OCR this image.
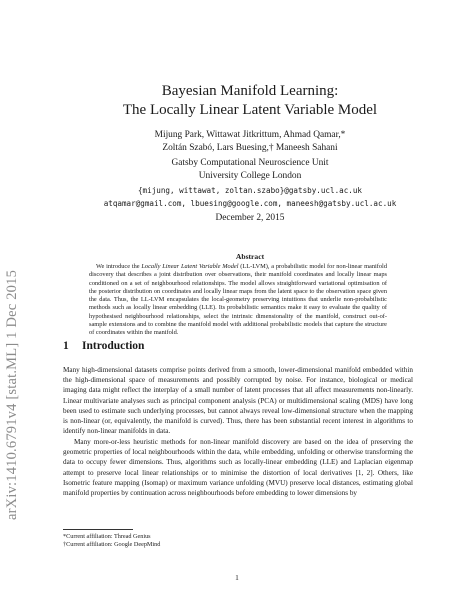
arXiv:1410.6791v4 [stat.ML] 1 Dec 2015
Bayesian Manifold Learning:
The Locally Linear Latent Variable Model
Mijung Park, Wittawat Jitkrittum, Ahmad Qamar,*
Zoltán Szabó, Lars Buesing,† Maneesh Sahani
Gatsby Computational Neuroscience Unit
University College London
{mijung, wittawat, zoltan.szabo}@gatsby.ucl.ac.uk
atqamar@gmail.com, lbuesing@google.com, maneesh@gatsby.ucl.ac.uk
December 2, 2015
Abstract

We introduce the Locally Linear Latent Variable Model (LL-LVM), a probabilistic model for non-linear manifold discovery that describes a joint distribution over observations, their manifold coordinates and locally linear maps conditioned on a set of neighbourhood relationships. The model allows straightforward variational optimisation of the posterior distribution on coordinates and locally linear maps from the latent space to the observation space given the data. Thus, the LL-LVM encapsulates the local-geometry preserving intuitions that underlie non-probabilistic methods such as locally linear embedding (LLE). Its probabilistic semantics make it easy to evaluate the quality of hypothesised neighbourhood relationships, select the intrinsic dimensionality of the manifold, construct out-of-sample extensions and to combine the manifold model with additional probabilistic models that capture the structure of coordinates within the manifold.

1 Introduction

Many high-dimensional datasets comprise points derived from a smooth, lower-dimensional manifold embedded within the high-dimensional space of measurements and possibly corrupted by noise. For instance, biological or medical imaging data might reflect the interplay of a small number of latent processes that all affect measurements non-linearly. Linear multivariate analyses such as principal component analysis (PCA) or multidimensional scaling (MDS) have long been used to estimate such underlying processes, but cannot always reveal low-dimensional structure when the mapping is non-linear (or, equivalently, the manifold is curved). Thus, there has been substantial recent interest in algorithms to identify non-linear manifolds in data.

Many more-or-less heuristic methods for non-linear manifold discovery are based on the idea of preserving the geometric properties of local neighbourhoods within the data, while embedding, unfolding or otherwise transforming the data to occupy fewer dimensions. Thus, algorithms such as locally-linear embedding (LLE) and Laplacian eigenmap attempt to preserve local linear relationships or to minimise the distortion of local derivatives [1, 2]. Others, like Isometric feature mapping (Isomap) or maximum variance unfolding (MVU) preserve local distances, estimating global manifold properties by continuation across neighbourhoods before embedding to lower dimensions by

*Current affiliation: Thread Genius
†Current affiliation: Google DeepMind
1
